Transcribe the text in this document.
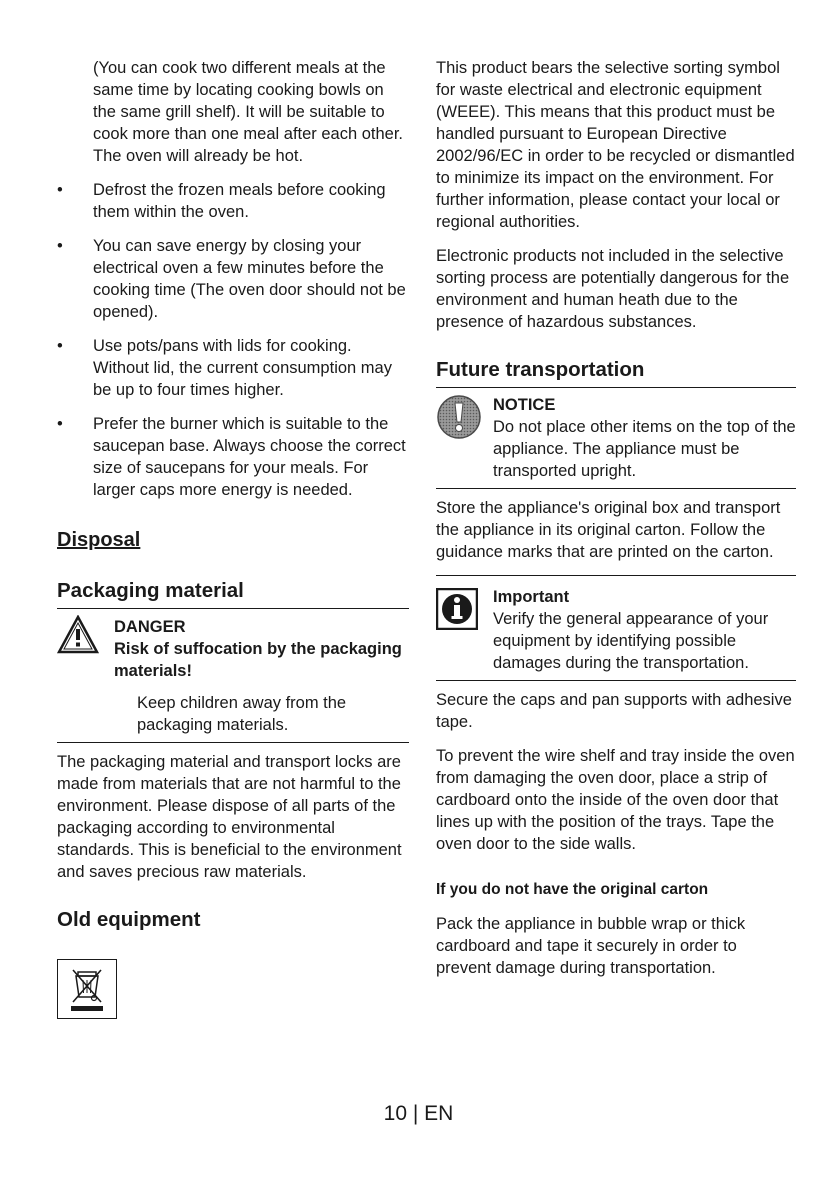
(You can cook two different meals at the same time by locating cooking bowls on the same grill shelf). It will be suitable to cook more than one meal after each other. The oven will already be hot.

• Defrost the frozen meals before cooking them within the oven.
• You can save energy by closing your electrical oven a few minutes before the cooking time (The oven door should not be opened).
• Use pots/pans with lids for cooking. Without lid, the current consumption may be up to four times higher.
• Prefer the burner which is suitable to the saucepan base. Always choose the correct size of saucepans for your meals. For larger caps more energy is needed.
Disposal
Packaging material
DANGER
Risk of suffocation by the packaging materials!
Keep children away from the packaging materials.

The packaging material and transport locks are made from materials that are not harmful to the environment. Please dispose of all parts of the packaging according to environmental standards. This is beneficial to the environment and saves precious raw materials.

Old equipment

This product bears the selective sorting symbol for waste electrical and electronic equipment (WEEE). This means that this product must be handled pursuant to European Directive 2002/96/EC in order to be recycled or dismantled to minimize its impact on the environment. For further information, please contact your local or regional authorities.

Electronic products not included in the selective sorting process are potentially dangerous for the environment and human heath due to the presence of hazardous substances.

Future transportation
NOTICE
Do not place other items on the top of the appliance. The appliance must be transported upright.

Store the appliance's original box and transport the appliance in its original carton. Follow the guidance marks that are printed on the carton.

Important
Verify the general appearance of your equipment by identifying possible damages during the transportation.

Secure the caps and pan supports with adhesive tape.

To prevent the wire shelf and tray inside the oven from damaging the oven door, place a strip of cardboard onto the inside of the oven door that lines up with the position of the trays. Tape the oven door to the side walls.

If you do not have the original carton

Pack the appliance in bubble wrap or thick cardboard and tape it securely in order to prevent damage during transportation.

10 | EN
